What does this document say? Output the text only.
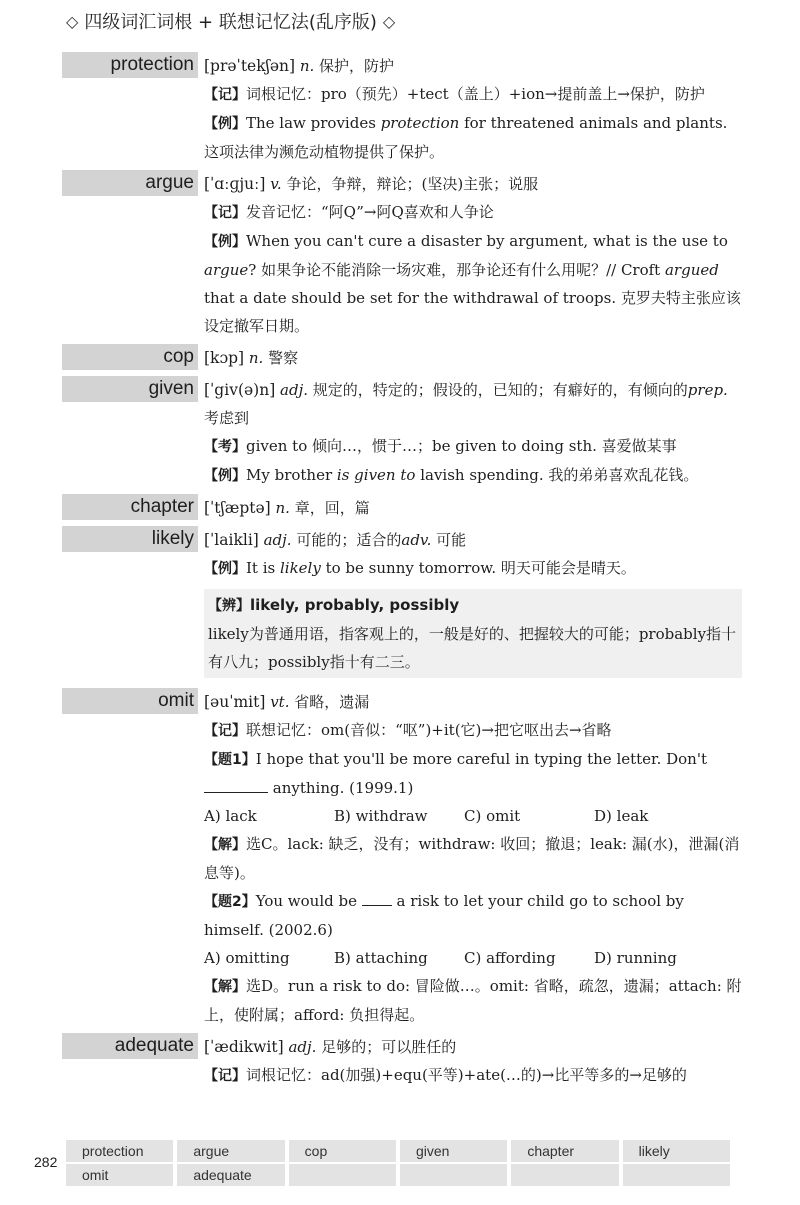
◇ 四级词汇词根 + 联想记忆法(乱序版) ◇
protection [prəˈtekʃən] n. 保护，防护

【记】词根记忆：pro（预先）+tect（盖上）+ion→提前盖上→保护，防护

【例】The law provides protection for threatened animals and plants. 这项法律为濒危动植物提供了保护。

argue [ˈɑːɡjuː] v. 争论，争辩，辩论；(坚决)主张；说服

【记】发音记忆：“阿Q”→阿Q喜欢和人争论

【例】When you can't cure a disaster by argument, what is the use to argue? 如果争论不能消除一场灾难，那争论还有什么用呢？// Croft argued that a date should be set for the withdrawal of troops. 克罗夫特主张应该设定撤军日期。

cop [kɔp] n. 警察

given [ˈgiv(ə)n] adj. 规定的，特定的；假设的，已知的；有癖好的，有倾向的prep. 考虑到

【考】given to 倾向…，惯于…；be given to doing sth. 喜爱做某事

【例】My brother is given to lavish spending. 我的弟弟喜欢乱花钱。

chapter [ˈtʃæptə] n. 章，回，篇

likely [ˈlaikli] adj. 可能的；适合的adv. 可能

【例】It is likely to be sunny tomorrow. 明天可能会是晴天。

【辨】likely, probably, possibly

likely为普通用语，指客观上的，一般是好的、把握较大的可能；probably指十有八九；possibly指十有二三。

omit [əuˈmit] vt. 省略，遗漏

【记】联想记忆：om(音似：“呕”)+it(它)→把它呕出去→省略

【题1】I hope that you'll be more careful in typing the letter. Don't
anything. (1999.1)

A) lack	B) withdraw	C) omit	D) leak

【解】选C。lack: 缺乏，没有；withdraw: 收回；撤退；leak: 漏(水)，泄漏(消息等)。

【题2】You would be  a risk to let your child go to school by himself. (2002.6)

A) omitting	B) attaching	C) affording	D) running

【解】选D。run a risk to do: 冒险做…。omit: 省略，疏忽，遗漏；attach: 附上，使附属；afford: 负担得起。

adequate [ˈædikwit] adj. 足够的；可以胜任的

【记】词根记忆：ad(加强)+equ(平等)+ate(…的)→比平等多的→足够的

282
protection	argue	cop	given	chapter	likely
omit	adequate
